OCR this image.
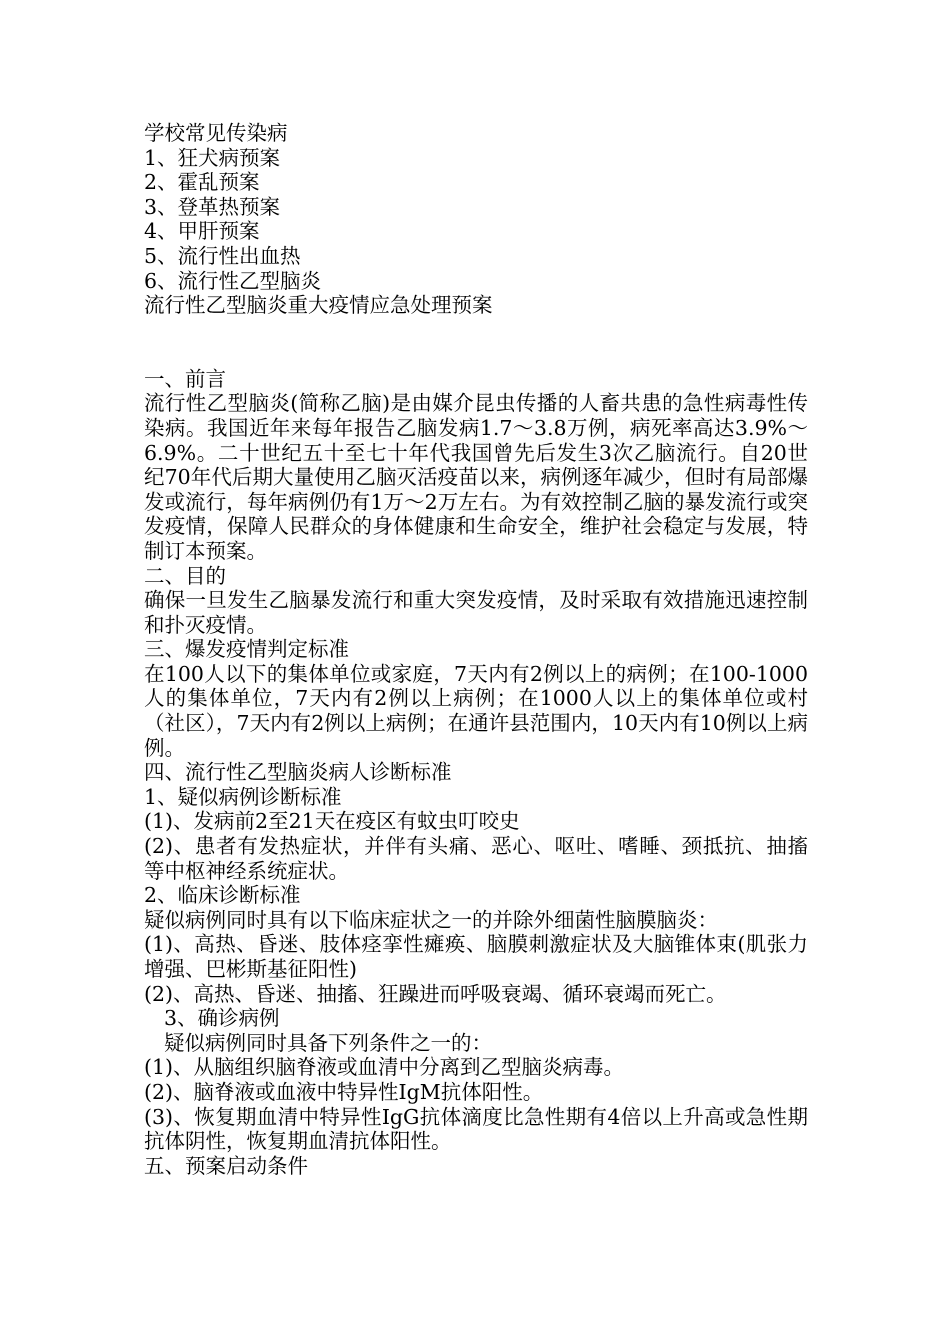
学校常见传染病
1、狂犬病预案
2、霍乱预案
3、登革热预案
4、甲肝预案
5、流行性出血热
6、流行性乙型脑炎
流行性乙型脑炎重大疫情应急处理预案
一、前言
流行性乙型脑炎(简称乙脑)是由媒介昆虫传播的人畜共患的急性病毒性传染病。我国近年来每年报告乙脑发病1.7～3.8万例，病死率高达3.9%～6.9%。二十世纪五十至七十年代我国曾先后发生3次乙脑流行。自20世纪70年代后期大量使用乙脑灭活疫苗以来，病例逐年减少，但时有局部爆发或流行，每年病例仍有1万～2万左右。为有效控制乙脑的暴发流行或突发疫情，保障人民群众的身体健康和生命安全，维护社会稳定与发展，特制订本预案。
二、目的
确保一旦发生乙脑暴发流行和重大突发疫情，及时采取有效措施迅速控制和扑灭疫情。
三、爆发疫情判定标准
在100人以下的集体单位或家庭，7天内有2例以上的病例；在100-1000人的集体单位，7天内有2例以上病例；在1000人以上的集体单位或村（社区），7天内有2例以上病例；在通许县范围内，10天内有10例以上病例。
四、流行性乙型脑炎病人诊断标准
1、疑似病例诊断标准
(1)、发病前2至21天在疫区有蚊虫叮咬史
(2)、患者有发热症状，并伴有头痛、恶心、呕吐、嗜睡、颈抵抗、抽搐等中枢神经系统症状。
2、临床诊断标准
疑似病例同时具有以下临床症状之一的并除外细菌性脑膜脑炎：
(1)、高热、昏迷、肢体痉挛性瘫痪、脑膜刺激症状及大脑锥体束(肌张力增强、巴彬斯基征阳性)
(2)、高热、昏迷、抽搐、狂躁进而呼吸衰竭、循环衰竭而死亡。
3、确诊病例
疑似病例同时具备下列条件之一的：
(1)、从脑组织脑脊液或血清中分离到乙型脑炎病毒。
(2)、脑脊液或血液中特异性IgM抗体阳性。
(3)、恢复期血清中特异性IgG抗体滴度比急性期有4倍以上升高或急性期抗体阴性，恢复期血清抗体阳性。
五、预案启动条件
